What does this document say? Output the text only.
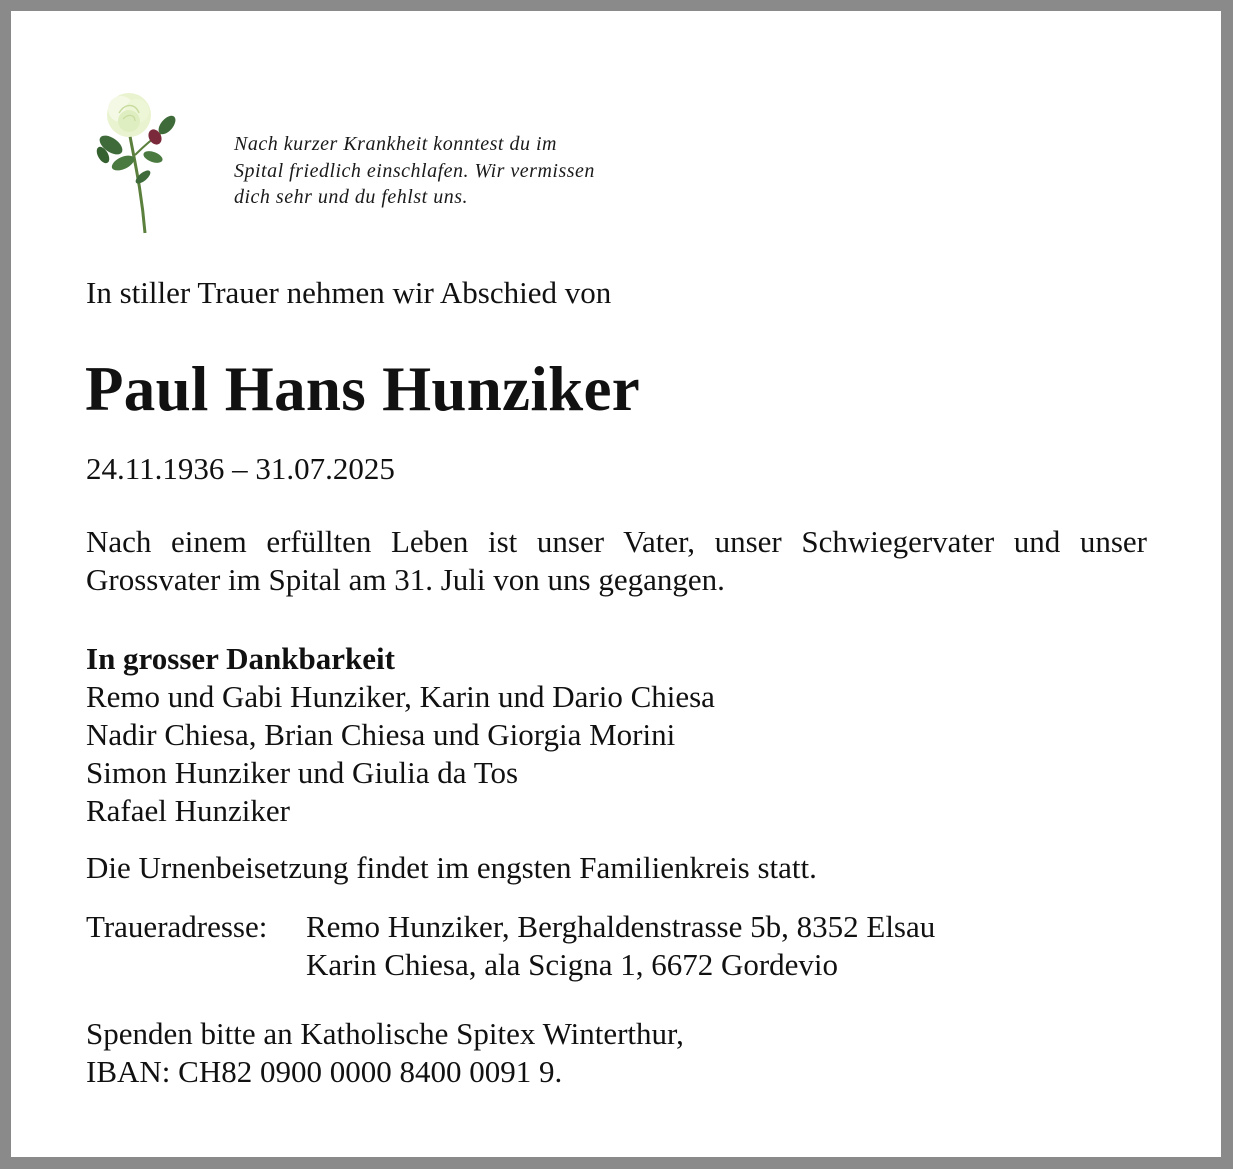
Nach kurzer Krankheit konntest du im
Spital friedlich einschlafen. Wir vermissen
dich sehr und du fehlst uns.
In stiller Trauer nehmen wir Abschied von
Paul Hans Hunziker
24.11.1936 – 31.07.2025
Nach einem erfüllten Leben ist unser Vater, unser Schwiegervater und unser Grossvater im Spital am 31. Juli von uns gegangen.
In grosser Dankbarkeit
Remo und Gabi Hunziker, Karin und Dario Chiesa
Nadir Chiesa, Brian Chiesa und Giorgia Morini
Simon Hunziker und Giulia da Tos
Rafael Hunziker
Die Urnenbeisetzung findet im engsten Familienkreis statt.
Traueradresse:	Remo Hunziker, Berghaldenstrasse 5b, 8352 Elsau
Karin Chiesa, ala Scigna 1, 6672 Gordevio
Spenden bitte an Katholische Spitex Winterthur,
IBAN: CH82 0900 0000 8400 0091 9.
